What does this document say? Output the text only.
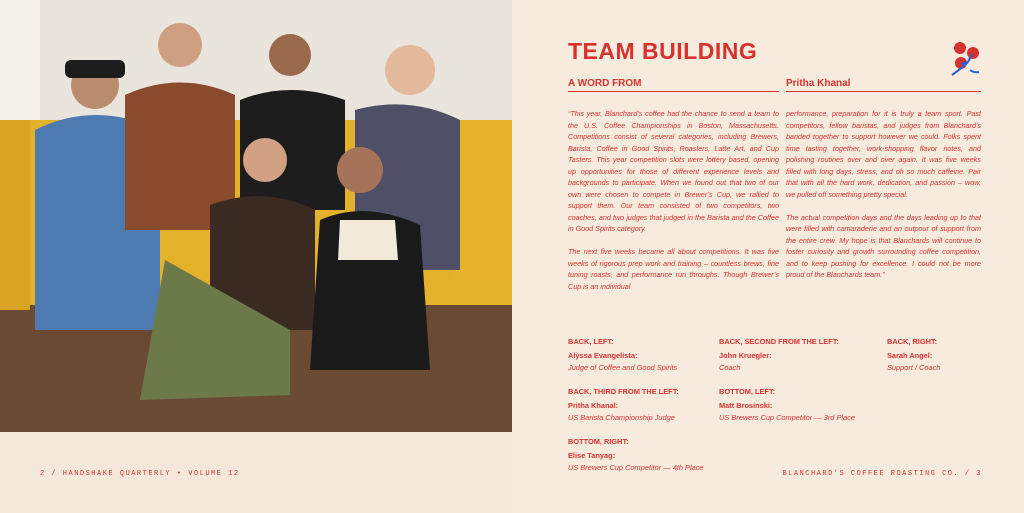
2 / HANDSHAKE QUARTERLY • VOLUME 12
TEAM BUILDING
A WORD FROM	Pritha Khanal

“This year, Blanchard’s coffee had the chance to send a team to the U.S. Coffee Championships in Boston, Massachusetts. Competitions consist of several categories, including Brewers, Barista, Coffee in Good Spirits, Roasters, Latte Art, and Cup Tasters. This year competition slots were lottery based, opening up opportunities for those of different experience levels and backgrounds to participate. When we found out that two of our own were chosen to compete in Brewer’s Cup, we rallied to support them. Our team consisted of two competitors, two coaches, and two judges that judged in the Barista and the Coffee in Good Spirits category.

The next five weeks became all about competitions. It was five weeks of rigorous prep work and training – countless brews, fine tuning roasts, and performance run throughs. Though Brewer’s Cup is an individual

performance, preparation for it is truly a team sport. Past competitors, fellow baristas, and judges from Blanchard’s banded together to support however we could. Folks spent time tasting together, work-shopping flavor notes, and polishing routines over and over again. It was five weeks filled with long days, stress, and oh so much caffeine. Pair that with all the hard work, dedication, and passion – wow, we pulled off something pretty special.

The actual competition days and the days leading up to that were filled with camaraderie and an outpour of support from the entire crew. My hope is that Blanchards will continue to foster curiosity and growth surrounding coffee competition, and to keep pushing for excellence. I could not be more proud of the Blanchards team.”

BACK, LEFT:
Alyssa Evangelista:
Judge of Coffee and Good Spirits
BACK, SECOND FROM THE LEFT:
John Kruegler:
Coach
BACK, RIGHT:
Sarah Angel:
Support / Coach
BACK, THIRD FROM THE LEFT:
Pritha Khanal:
US Barista Championship Judge
BOTTOM, LEFT:
Matt Brosinski:
US Brewers Cup Competitor — 3rd Place
BOTTOM, RIGHT:
Elise Tanyag:
US Brewers Cup Competitor — 4th Place
BLANCHARD’S COFFEE ROASTING CO. / 3
